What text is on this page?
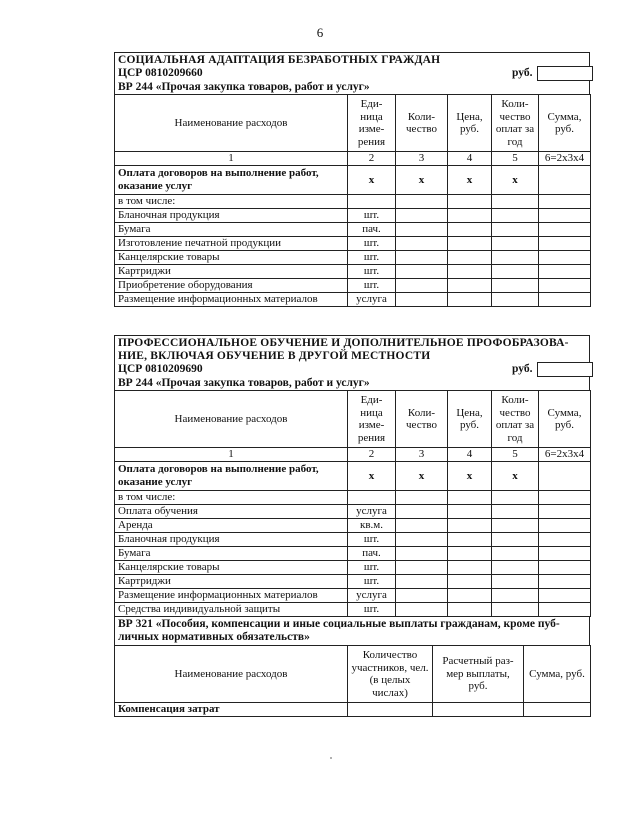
6
СОЦИАЛЬНАЯ АДАПТАЦИЯ БЕЗРАБОТНЫХ ГРАЖДАН
ЦСР 0810209660	руб.
ВР 244 «Прочая закупка товаров, работ и услуг»
Наименование расходов	Еди-ница изме-рения	Коли-чество	Цена, руб.	Коли-чество оплат за год	Сумма, руб.
1	2	3	4	5	6=2х3х4
Оплата договоров на выполнение работ, оказание услуг	x	x	x	x	
в том числе:					
Бланочная продукция	шт.				
Бумага	пач.				
Изготовление печатной продукции	шт.				
Канцелярские товары	шт.				
Картриджи	шт.				
Приобретение оборудования	шт.				
Размещение информационных материалов	услуга				
ПРОФЕССИОНАЛЬНОЕ ОБУЧЕНИЕ И ДОПОЛНИТЕЛЬНОЕ ПРОФОБРАЗОВА-НИЕ, ВКЛЮЧАЯ ОБУЧЕНИЕ В ДРУГОЙ МЕСТНОСТИ
ЦСР 0810209690	руб.
ВР 244 «Прочая закупка товаров, работ и услуг»
Наименование расходов	Еди-ница изме-рения	Коли-чество	Цена, руб.	Коли-чество оплат за год	Сумма, руб.
1	2	3	4	5	6=2х3х4
Оплата договоров на выполнение работ, оказание услуг	x	x	x	x	
в том числе:					
Оплата обучения	услуга				
Аренда	кв.м.				
Бланочная продукция	шт.				
Бумага	пач.				
Канцелярские товары	шт.				
Картриджи	шт.				
Размещение информационных материалов	услуга				
Средства индивидуальной защиты	шт.				
ВР 321 «Пособия, компенсации и иные социальные выплаты гражданам, кроме пуб-личных нормативных обязательств»
Наименование расходов	Количество участников, чел. (в целых числах)	Расчетный раз-мер выплаты, руб.	Сумма, руб.
Компенсация затрат			
